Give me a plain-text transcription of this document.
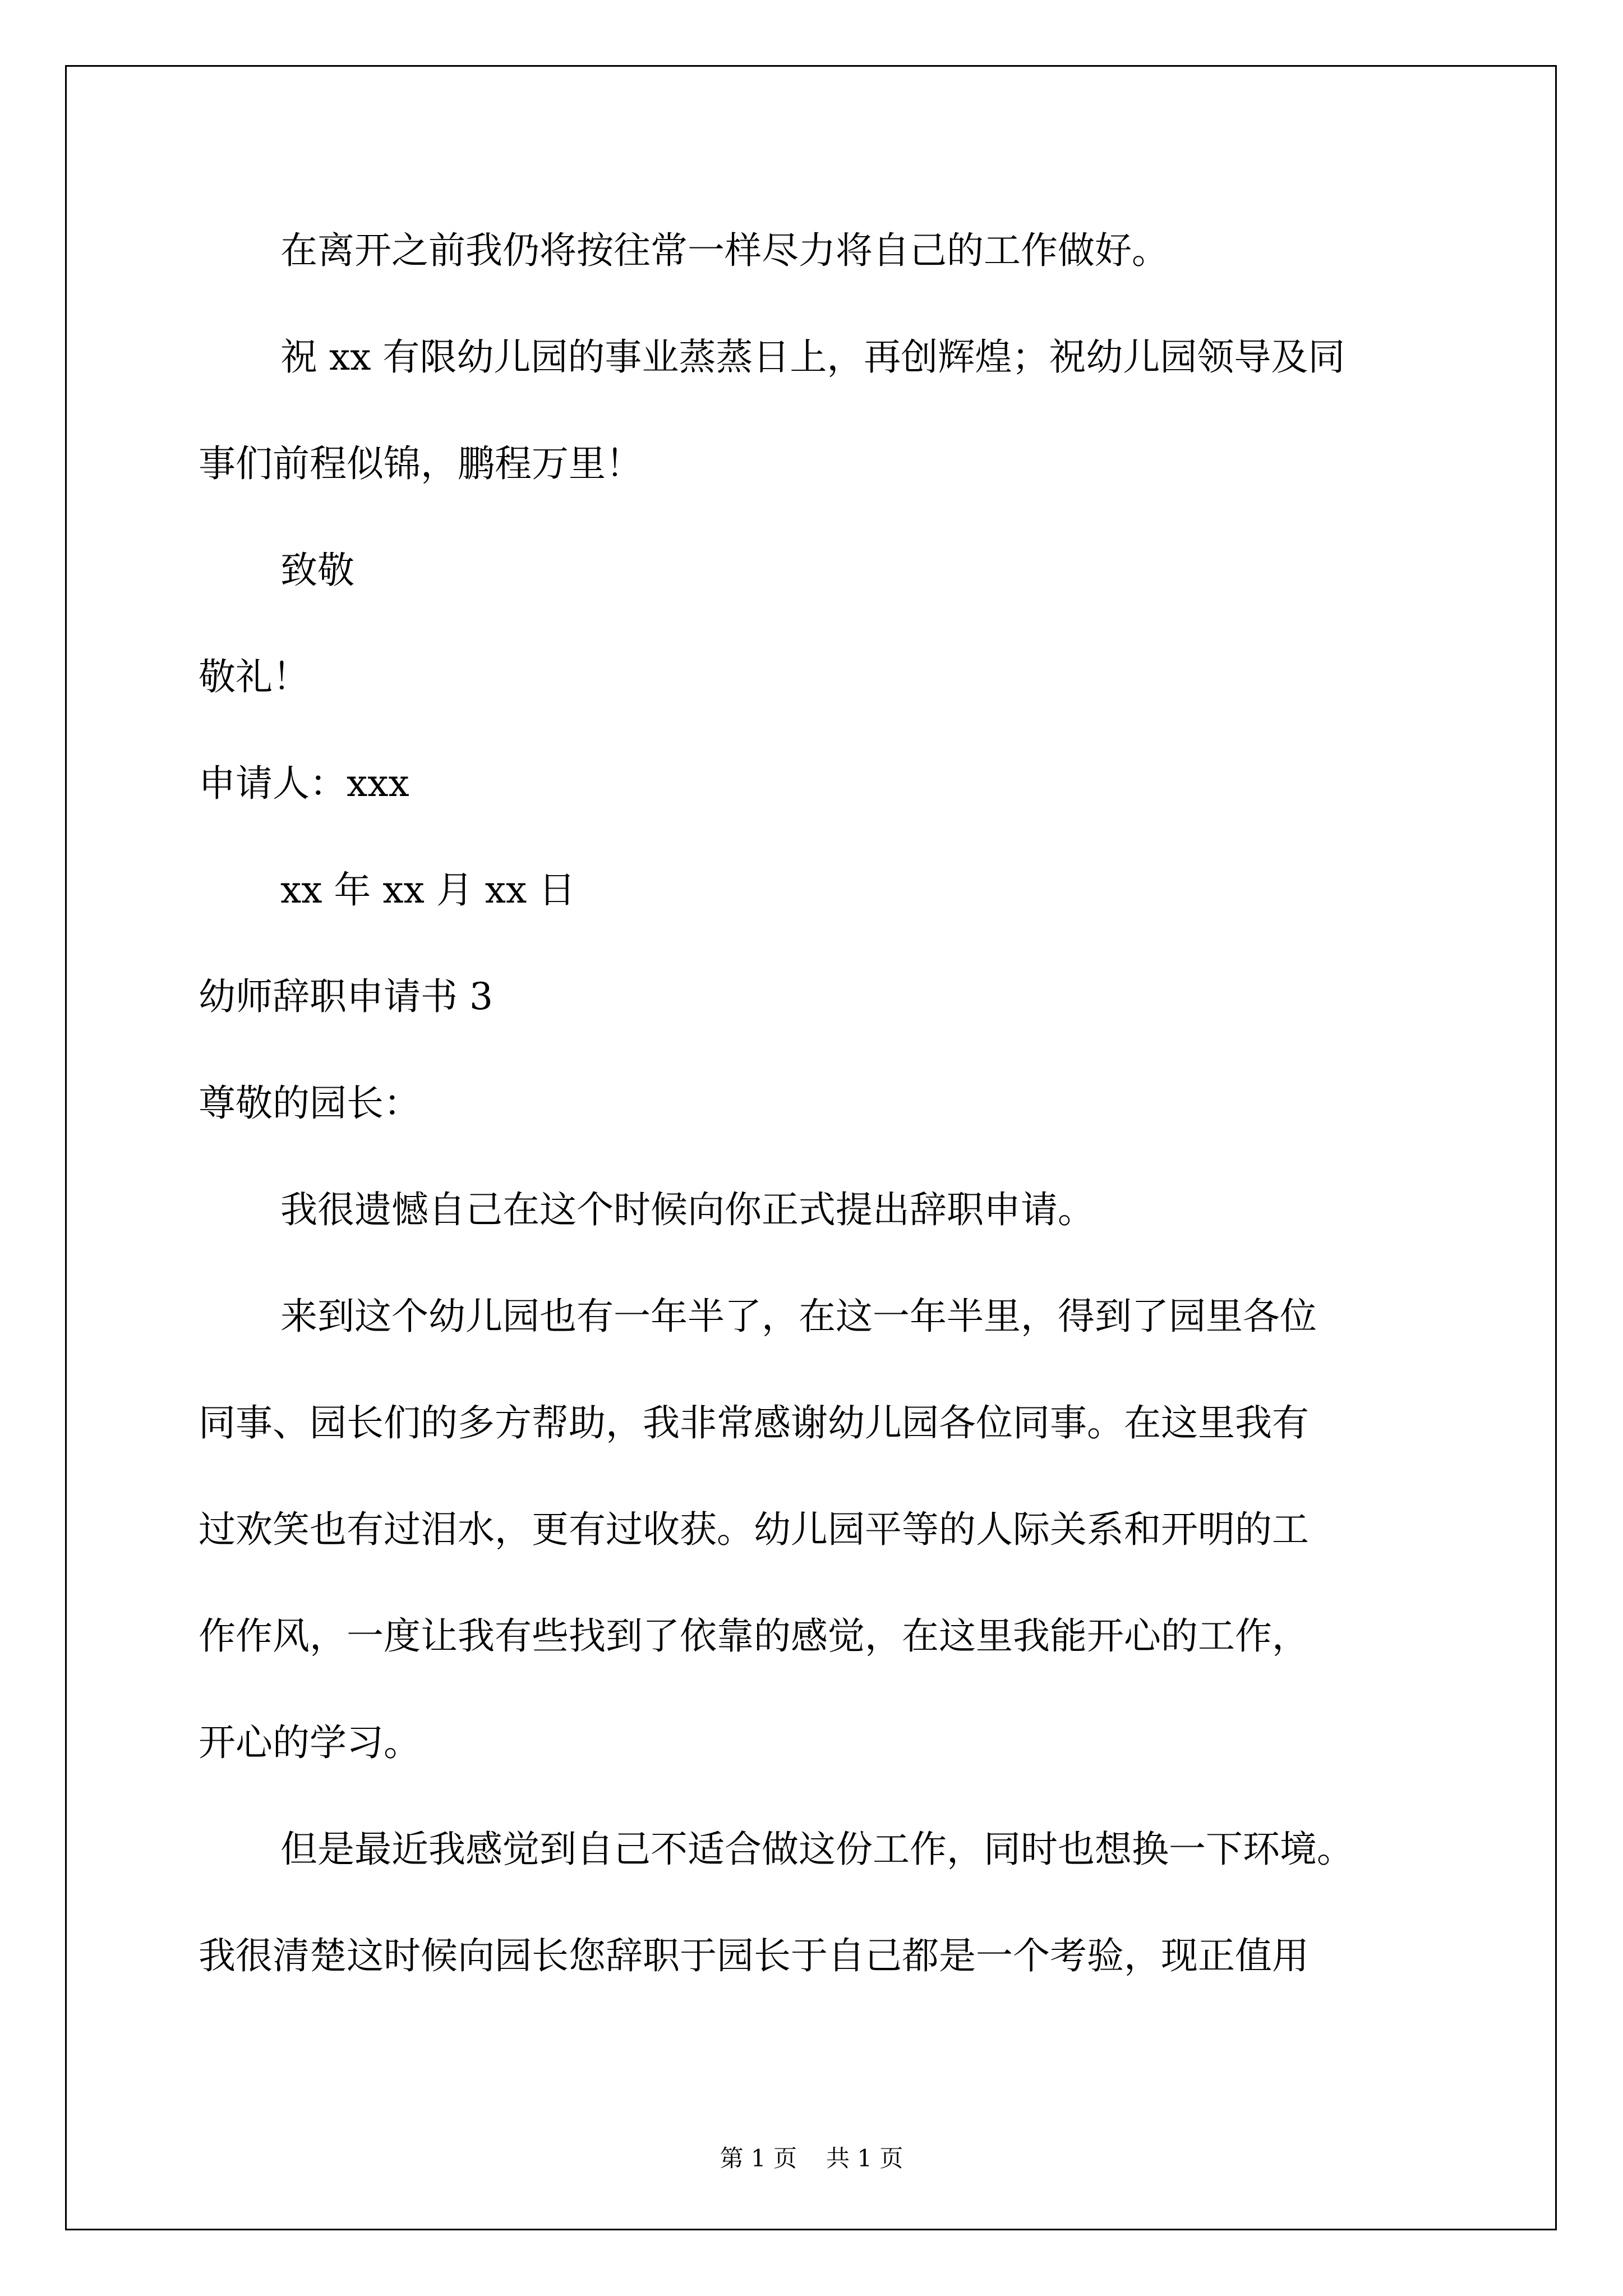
在离开之前我仍将按往常一样尽力将自己的工作做好。
祝 xx 有限幼儿园的事业蒸蒸日上，再创辉煌；祝幼儿园领导及同
事们前程似锦，鹏程万里！
致敬
敬礼！
申请人：xxx
xx 年 xx 月 xx 日
幼师辞职申请书 3
尊敬的园长：
我很遗憾自己在这个时候向你正式提出辞职申请。
来到这个幼儿园也有一年半了，在这一年半里，得到了园里各位
同事、园长们的多方帮助，我非常感谢幼儿园各位同事。在这里我有
过欢笑也有过泪水，更有过收获。幼儿园平等的人际关系和开明的工
作作风，一度让我有些找到了依靠的感觉，在这里我能开心的工作，
开心的学习。
但是最近我感觉到自己不适合做这份工作，同时也想换一下环境。
我很清楚这时候向园长您辞职于园长于自己都是一个考验，现正值用
第 1 页 共 1 页
